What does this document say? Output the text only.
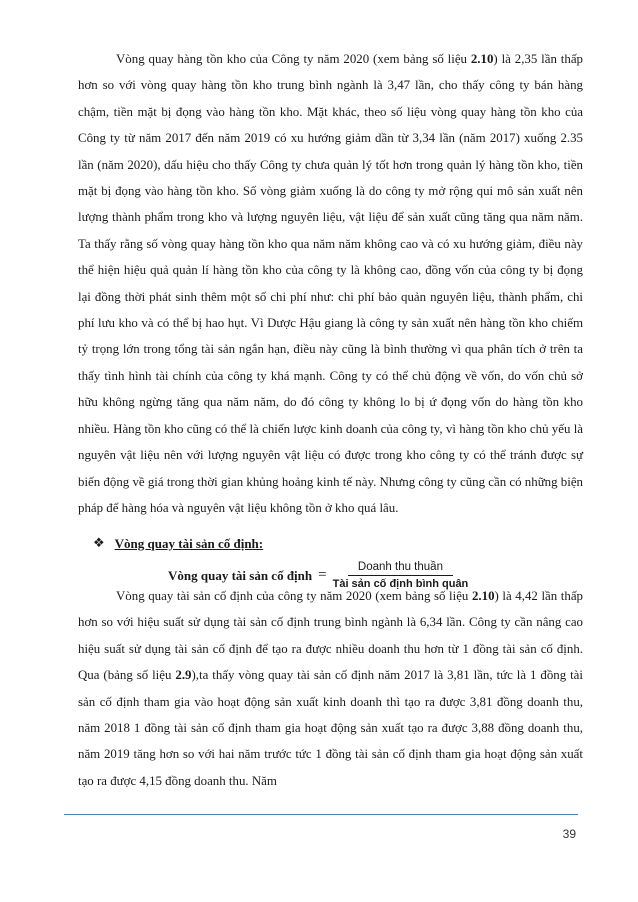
Vòng quay hàng tồn kho của Công ty năm 2020 (xem bảng số liệu 2.10) là 2,35 lần thấp hơn so với vòng quay hàng tồn kho trung bình ngành là 3,47 lần, cho thấy công ty bán hàng chậm, tiền mặt bị đọng vào hàng tồn kho. Mặt khác, theo số liệu vòng quay hàng tồn kho của Công ty từ năm 2017 đến năm 2019 có xu hướng giảm dần từ 3,34 lần (năm 2017) xuống 2.35 lần (năm 2020), dấu hiệu cho thấy Công ty chưa quản lý tốt hơn trong quản lý hàng tồn kho, tiền mặt bị đọng vào hàng tồn kho. Số vòng giảm xuống là do công ty mở rộng qui mô sản xuất nên lượng thành phẩm trong kho và lượng nguyên liệu, vật liệu để sản xuất cũng tăng qua năm năm. Ta thấy rằng số vòng quay hàng tồn kho qua năm năm không cao và có xu hướng giảm, điều này thể hiện hiệu quả quản lí hàng tồn kho của công ty là không cao, đồng vốn của công ty bị đọng lại đồng thời phát sinh thêm một số chi phí như: chi phí bảo quản nguyên liệu, thành phẩm, chi phí lưu kho và có thể bị hao hụt. Vì Dược Hậu giang là công ty sản xuất nên hàng tồn kho chiếm tỷ trọng lớn trong tổng tài sản ngắn hạn, điều này cũng là bình thường vì qua phân tích ở trên ta thấy tình hình tài chính của công ty khá mạnh. Công ty có thể chủ động về vốn, do vốn chủ sở hữu không ngừng tăng qua năm năm, do đó công ty không lo bị ứ đọng vốn do hàng tồn kho nhiều. Hàng tồn kho cũng có thể là chiến lược kinh doanh của công ty, vì hàng tồn kho chủ yếu là nguyên vật liệu nên với lượng nguyên vật liệu có được trong kho công ty có thể tránh được sự biến động về giá trong thời gian khủng hoảng kinh tế này. Nhưng công ty cũng cần có những biện pháp để hàng hóa và nguyên vật liệu không tồn ở kho quá lâu.

❖ Vòng quay tài sản cố định:
Vòng quay tài sản cố định = $\frac{\text{Doanh thu thuần}}{\text{Tài sản cố định bình quân}}$

Vòng quay tài sản cố định của công ty năm 2020 (xem bảng số liệu 2.10) là 4,42 lần thấp hơn so với hiệu suất sử dụng tài sản cố định trung bình ngành là 6,34 lần. Công ty cần nâng cao hiệu suất sử dụng tài sản cố định để tạo ra được nhiều doanh thu hơn từ 1 đồng tài sản cố định. Qua (bảng số liệu 2.9),ta thấy vòng quay tài sản cố định năm 2017 là 3,81 lần, tức là 1 đồng tài sản cố định tham gia vào hoạt động sản xuất kinh doanh thì tạo ra được 3,81 đồng doanh thu, năm 2018 1 đồng tài sản cố định tham gia hoạt động sản xuất tạo ra được 3,88 đồng doanh thu, năm 2019 tăng hơn so với hai năm trước tức 1 đồng tài sản cố định tham gia hoạt động sản xuất tạo ra được 4,15 đồng doanh thu. Năm

39
